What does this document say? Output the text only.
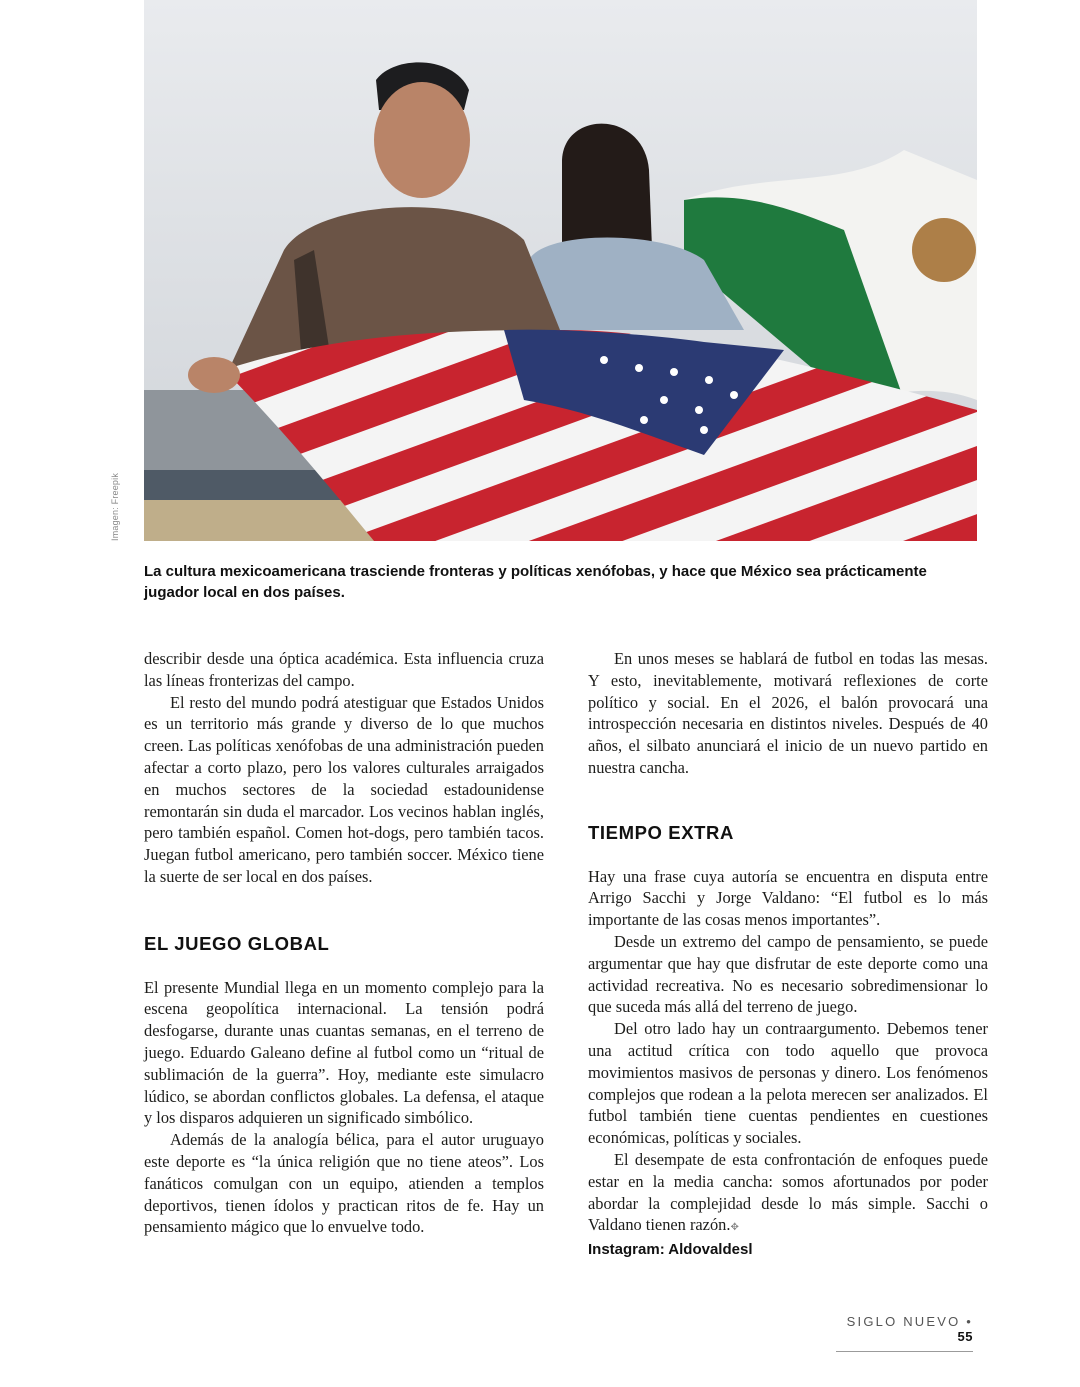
Imagen: Freepik
La cultura mexicoamericana trasciende fronteras y políticas xenófobas, y hace que México sea prácticamente jugador local en dos países.

describir desde una óptica académica. Esta influencia cruza las líneas fronterizas del campo.

El resto del mundo podrá atestiguar que Estados Unidos es un territorio más grande y diverso de lo que muchos creen. Las políticas xenófobas de una administración pueden afectar a corto plazo, pero los valores culturales arraigados en muchos sectores de la sociedad estadounidense remontarán sin duda el marcador. Los vecinos hablan inglés, pero también español. Comen hot-dogs, pero también tacos. Juegan futbol americano, pero también soccer. México tiene la suerte de ser local en dos países.

EL JUEGO GLOBAL

El presente Mundial llega en un momento complejo para la escena geopolítica internacional. La tensión podrá desfogarse, durante unas cuantas semanas, en el terreno de juego. Eduardo Galeano define al futbol como un “ritual de sublimación de la guerra”. Hoy, mediante este simulacro lúdico, se abordan conflictos globales. La defensa, el ataque y los disparos adquieren un significado simbólico.

Además de la analogía bélica, para el autor uruguayo este deporte es “la única religión que no tiene ateos”. Los fanáticos comulgan con un equipo, atienden a templos deportivos, tienen ídolos y practican ritos de fe. Hay un pensamiento mágico que lo envuelve todo.

En unos meses se hablará de futbol en todas las mesas. Y esto, inevitablemente, motivará reflexiones de corte político y social. En el 2026, el balón provocará una introspección necesaria en distintos niveles. Después de 40 años, el silbato anunciará el inicio de un nuevo partido en nuestra cancha.

TIEMPO EXTRA

Hay una frase cuya autoría se encuentra en disputa entre Arrigo Sacchi y Jorge Valdano: “El futbol es lo más importante de las cosas menos importantes”.

Desde un extremo del campo de pensamiento, se puede argumentar que hay que disfrutar de este deporte como una actividad recreativa. No es necesario sobredimensionar lo que suceda más allá del terreno de juego.

Del otro lado hay un contraargumento. Debemos tener una actitud crítica con todo aquello que provoca movimientos masivos de personas y dinero. Los fenómenos complejos que rodean a la pelota merecen ser analizados. El futbol también tiene cuentas pendientes en cuestiones económicas, políticas y sociales.

El desempate de esta confrontación de enfoques puede estar en la media cancha: somos afortunados por poder abordar la complejidad desde lo más simple. Sacchi o Valdano tienen razón.✥

Instagram: Aldovaldesl
SIGLO NUEVO • 55
